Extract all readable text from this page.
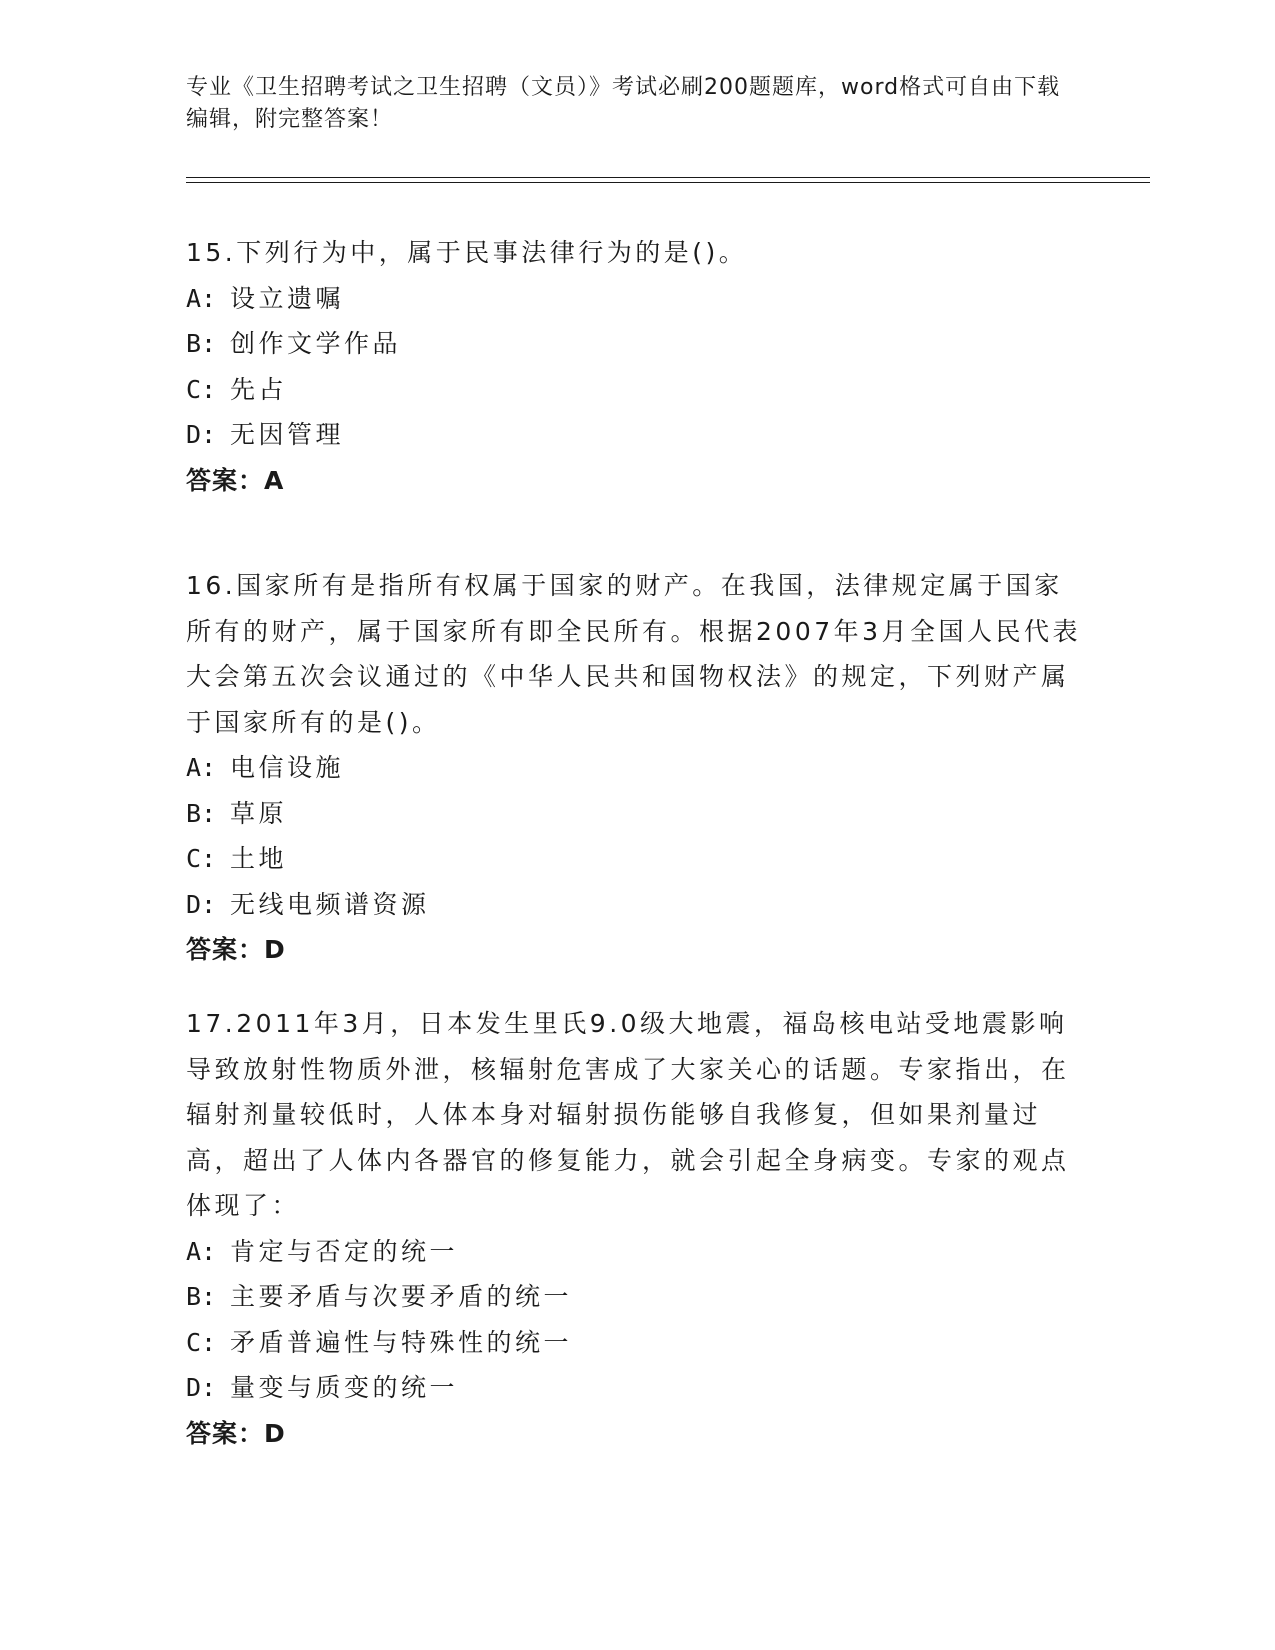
专业《卫生招聘考试之卫生招聘（文员）》考试必刷200题题库，word格式可自由下载编辑，附完整答案！

15.下列行为中，属于民事法律行为的是()。

A: 设立遗嘱

B: 创作文学作品

C: 先占

D: 无因管理

答案：A

16.国家所有是指所有权属于国家的财产。在我国，法律规定属于国家所有的财产，属于国家所有即全民所有。根据2007年3月全国人民代表大会第五次会议通过的《中华人民共和国物权法》的规定，下列财产属于国家所有的是()。

A: 电信设施

B: 草原

C: 土地

D: 无线电频谱资源

答案：D

17.2011年3月，日本发生里氏9.0级大地震，福岛核电站受地震影响导致放射性物质外泄，核辐射危害成了大家关心的话题。专家指出，在辐射剂量较低时，人体本身对辐射损伤能够自我修复，但如果剂量过高，超出了人体内各器官的修复能力，就会引起全身病变。专家的观点体现了：

A: 肯定与否定的统一

B: 主要矛盾与次要矛盾的统一

C: 矛盾普遍性与特殊性的统一

D: 量变与质变的统一

答案：D
